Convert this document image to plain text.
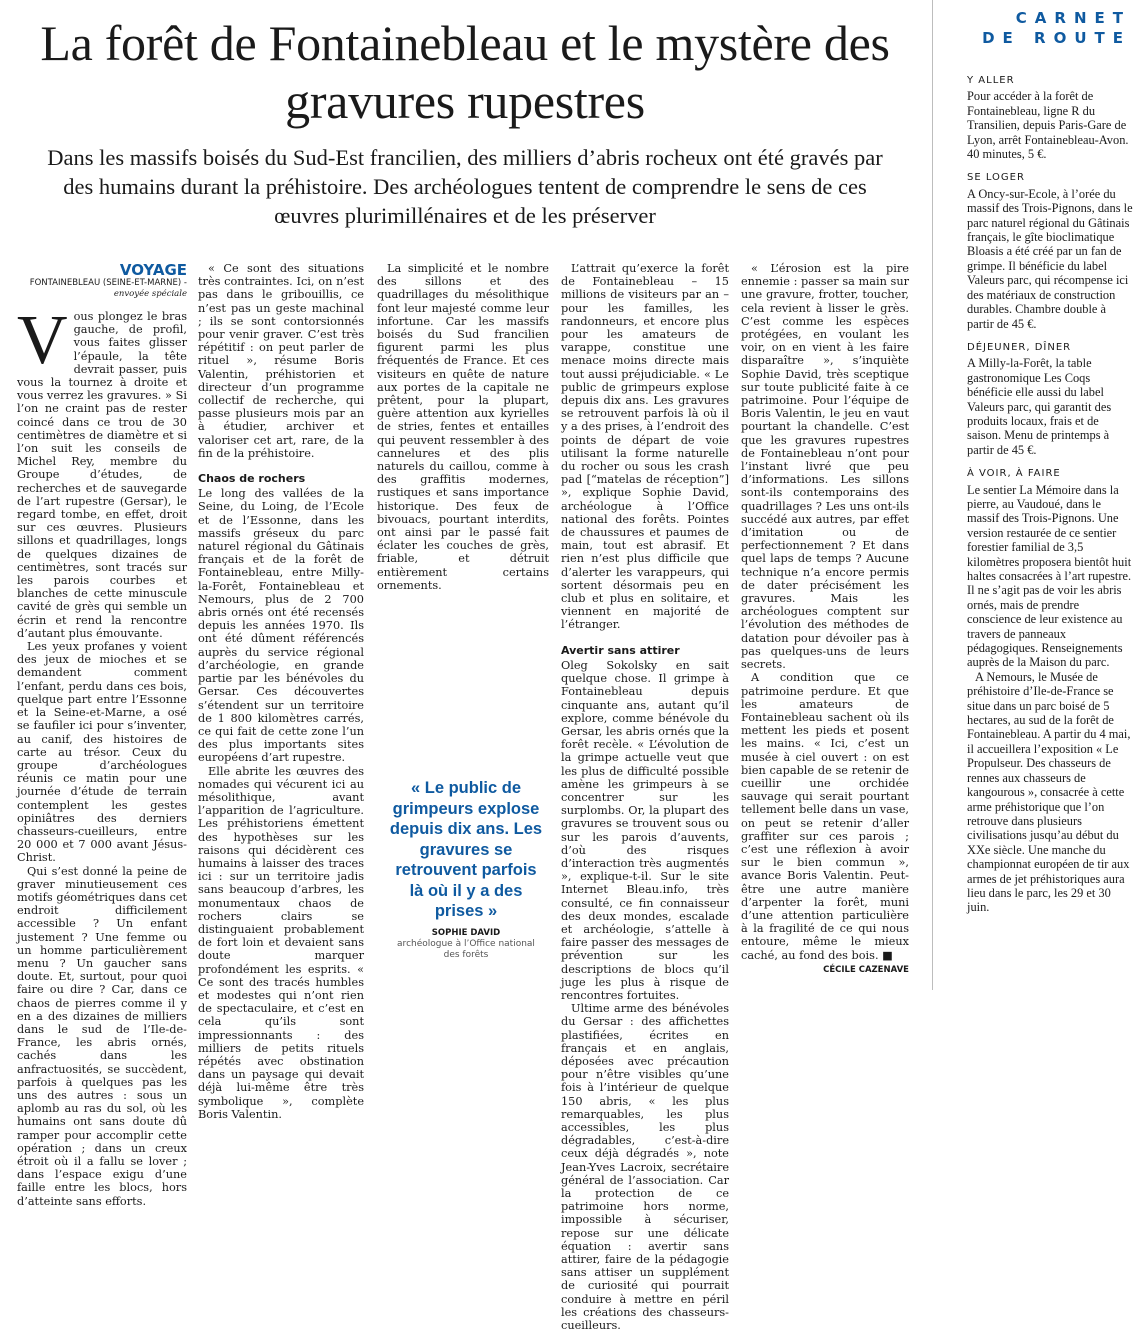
La forêt de Fontainebleau et le mystère des gravures rupestres

Dans les massifs boisés du Sud-Est francilien, des milliers d’abris rocheux ont été gravés par des humains durant la préhistoire. Des archéologues tentent de comprendre le sens de ces œuvres plurimillénaires et de les préserver

VOYAGE
FONTAINEBLEAU (SEINE-ET-MARNE) - envoyée spéciale

Vous plongez le bras gauche, de profil, vous faites glisser l’épaule, la tête devrait passer, puis vous la tournez à droite et vous verrez les gravures. » Si l’on ne craint pas de rester coincé dans ce trou de 30 centimètres de diamètre et si l’on suit les conseils de Michel Rey, membre du Groupe d’études, de recherches et de sauvegarde de l’art rupestre (Gersar), le regard tombe, en effet, droit sur ces œuvres. Plusieurs sillons et quadrillages, longs de quelques dizaines de centimètres, sont tracés sur les parois courbes et blanches de cette minuscule cavité de grès qui semble un écrin et rend la rencontre d’autant plus émouvante.

Les yeux profanes y voient des jeux de mioches et se demandent comment l’enfant, perdu dans ces bois, quelque part entre l’Essonne et la Seine-et-Marne, a osé se faufiler ici pour s’inventer, au canif, des histoires de carte au trésor. Ceux du groupe d’archéologues réunis ce matin pour une journée d’étude de terrain contemplent les gestes opiniâtres des derniers chasseurs-cueilleurs, entre 20 000 et 7 000 avant Jésus-Christ.

Qui s’est donné la peine de graver minutieusement ces motifs géométriques dans cet endroit difficilement accessible ? Un enfant justement ? Une femme ou un homme particulièrement menu ? Un gaucher sans doute. Et, surtout, pour quoi faire ou dire ? Car, dans ce chaos de pierres comme il y en a des dizaines de milliers dans le sud de l’Ile-de-France, les abris ornés, cachés dans les anfractuosités, se succèdent, parfois à quelques pas les uns des autres : sous un aplomb au ras du sol, où les humains ont sans doute dû ramper pour accomplir cette opération ; dans un creux étroit où il a fallu se lover ; dans l’espace exigu d’une faille entre les blocs, hors d’atteinte sans efforts.

« Ce sont des situations très contraintes. Ici, on n’est pas dans le gribouillis, ce n’est pas un geste machinal ; ils se sont contorsionnés pour venir graver. C’est très répétitif : on peut parler de rituel », résume Boris Valentin, préhistorien et directeur d’un programme collectif de recherche, qui passe plusieurs mois par an à étudier, archiver et valoriser cet art, rare, de la fin de la préhistoire.

Chaos de rochers

Le long des vallées de la Seine, du Loing, de l’Ecole et de l’Essonne, dans les massifs gréseux du parc naturel régional du Gâtinais français et de la forêt de Fontainebleau, entre Milly-la-Forêt, Fontainebleau et Nemours, plus de 2 700 abris ornés ont été recensés depuis les années 1970. Ils ont été dûment référencés auprès du service régional d’archéologie, en grande partie par les bénévoles du Gersar. Ces découvertes s’étendent sur un territoire de 1 800 kilomètres carrés, ce qui fait de cette zone l’un des plus importants sites européens d’art rupestre.

Elle abrite les œuvres des nomades qui vécurent ici au mésolithique, avant l’apparition de l’agriculture. Les préhistoriens émettent des hypothèses sur les raisons qui décidèrent ces humains à laisser des traces ici : sur un territoire jadis sans beaucoup d’arbres, les monumentaux chaos de rochers clairs se distinguaient probablement de fort loin et devaient sans doute marquer profondément les esprits. « Ce sont des tracés humbles et modestes qui n’ont rien de spectaculaire, et c’est en cela qu’ils sont impressionnants : des milliers de petits rituels répétés avec obstination dans un paysage qui devait déjà lui-même être très symbolique », complète Boris Valentin.

La simplicité et le nombre des sillons et des quadrillages du mésolithique font leur majesté comme leur infortune. Car les massifs boisés du Sud francilien figurent parmi les plus fréquentés de France. Et ces visiteurs en quête de nature aux portes de la capitale ne prêtent, pour la plupart, guère attention aux kyrielles de stries, fentes et entailles qui peuvent ressembler à des cannelures et des plis naturels du caillou, comme à des graffitis modernes, rustiques et sans importance historique. Des feux de bivouacs, pourtant interdits, ont ainsi par le passé fait éclater les couches de grès, friable, et détruit entièrement certains ornements.

« Le public de grimpeurs explose depuis dix ans. Les gravures se retrouvent parfois là où il y a des prises »
SOPHIE DAVID
archéologue à l’Office national des forêts

L’attrait qu’exerce la forêt de Fontainebleau – 15 millions de visiteurs par an – pour les familles, les randonneurs, et encore plus pour les amateurs de varappe, constitue une menace moins directe mais tout aussi préjudiciable. « Le public de grimpeurs explose depuis dix ans. Les gravures se retrouvent parfois là où il y a des prises, à l’endroit des points de départ de voie utilisant la forme naturelle du rocher ou sous les crash pad [“matelas de réception”] », explique Sophie David, archéologue à l’Office national des forêts. Pointes de chaussures et paumes de main, tout est abrasif. Et rien n’est plus difficile que d’alerter les varappeurs, qui sortent désormais peu en club et plus en solitaire, et viennent en majorité de l’étranger.

Avertir sans attirer

Oleg Sokolsky en sait quelque chose. Il grimpe à Fontainebleau depuis cinquante ans, autant qu’il explore, comme bénévole du Gersar, les abris ornés que la forêt recèle. « L’évolution de la grimpe actuelle veut que les plus de difficulté possible amène les grimpeurs à se concentrer sur les surplombs. Or, la plupart des gravures se trouvent sous ou sur les parois d’auvents, d’où des risques d’interaction très augmentés », explique-t-il. Sur le site Internet Bleau.info, très consulté, ce fin connaisseur des deux mondes, escalade et archéologie, s’attelle à faire passer des messages de prévention sur les descriptions de blocs qu’il juge les plus à risque de rencontres fortuites.

Ultime arme des bénévoles du Gersar : des affichettes plastifiées, écrites en français et en anglais, déposées avec précaution pour n’être visibles qu’une fois à l’intérieur de quelque 150 abris, « les plus remarquables, les plus accessibles, les plus dégradables, c’est-à-dire ceux déjà dégradés », note Jean-Yves Lacroix, secrétaire général de l’association. Car la protection de ce patrimoine hors norme, impossible à sécuriser, repose sur une délicate équation : avertir sans attirer, faire de la pédagogie sans attiser un supplément de curiosité qui pourrait conduire à mettre en péril les créations des chasseurs-cueilleurs.

« L’érosion est la pire ennemie : passer sa main sur une gravure, frotter, toucher, cela revient à lisser le grès. C’est comme les espèces protégées, en voulant les voir, on en vient à les faire disparaître », s’inquiète Sophie David, très sceptique sur toute publicité faite à ce patrimoine. Pour l’équipe de Boris Valentin, le jeu en vaut pourtant la chandelle. C’est que les gravures rupestres de Fontainebleau n’ont pour l’instant livré que peu d’informations. Les sillons sont-ils contemporains des quadrillages ? Les uns ont-ils succédé aux autres, par effet d’imitation ou de perfectionnement ? Et dans quel laps de temps ? Aucune technique n’a encore permis de dater précisément les gravures. Mais les archéologues comptent sur l’évolution des méthodes de datation pour dévoiler pas à pas quelques-uns de leurs secrets.

A condition que ce patrimoine perdure. Et que les amateurs de Fontainebleau sachent où ils mettent les pieds et posent les mains. « Ici, c’est un musée à ciel ouvert : on est bien capable de se retenir de cueillir une orchidée sauvage qui serait pourtant tellement belle dans un vase, on peut se retenir d’aller graffiter sur ces parois ; c’est une réflexion à avoir sur le bien commun », avance Boris Valentin. Peut-être une autre manière d’arpenter la forêt, muni d’une attention particulière à la fragilité de ce qui nous entoure, même le mieux caché, au fond des bois. ■

CÉCILE CAZENAVE
CARNET
DE ROUTE
Y ALLER

Pour accéder à la forêt de Fontainebleau, ligne R du Transilien, depuis Paris-Gare de Lyon, arrêt Fontainebleau-Avon. 40 minutes, 5 €.

SE LOGER

A Oncy-sur-Ecole, à l’orée du massif des Trois-Pignons, dans le parc naturel régional du Gâtinais français, le gîte bioclimatique Bloasis a été créé par un fan de grimpe. Il bénéficie du label Valeurs parc, qui récompense ici des matériaux de construction durables. Chambre double à partir de 45 €.

DÉJEUNER, DÎNER

A Milly-la-Forêt, la table gastronomique Les Coqs bénéficie elle aussi du label Valeurs parc, qui garantit des produits locaux, frais et de saison. Menu de printemps à partir de 45 €.

À VOIR, À FAIRE

Le sentier La Mémoire dans la pierre, au Vaudoué, dans le massif des Trois-Pignons. Une version restaurée de ce sentier forestier familial de 3,5 kilomètres proposera bientôt huit haltes consacrées à l’art rupestre. Il ne s’agit pas de voir les abris ornés, mais de prendre conscience de leur existence au travers de panneaux pédagogiques. Renseignements auprès de la Maison du parc.

A Nemours, le Musée de préhistoire d’Ile-de-France se situe dans un parc boisé de 5 hectares, au sud de la forêt de Fontainebleau. A partir du 4 mai, il accueillera l’exposition « Le Propulseur. Des chasseurs de rennes aux chasseurs de kangourous », consacrée à cette arme préhistorique que l’on retrouve dans plusieurs civilisations jusqu’au début du XXe siècle. Une manche du championnat européen de tir aux armes de jet préhistoriques aura lieu dans le parc, les 29 et 30 juin.
